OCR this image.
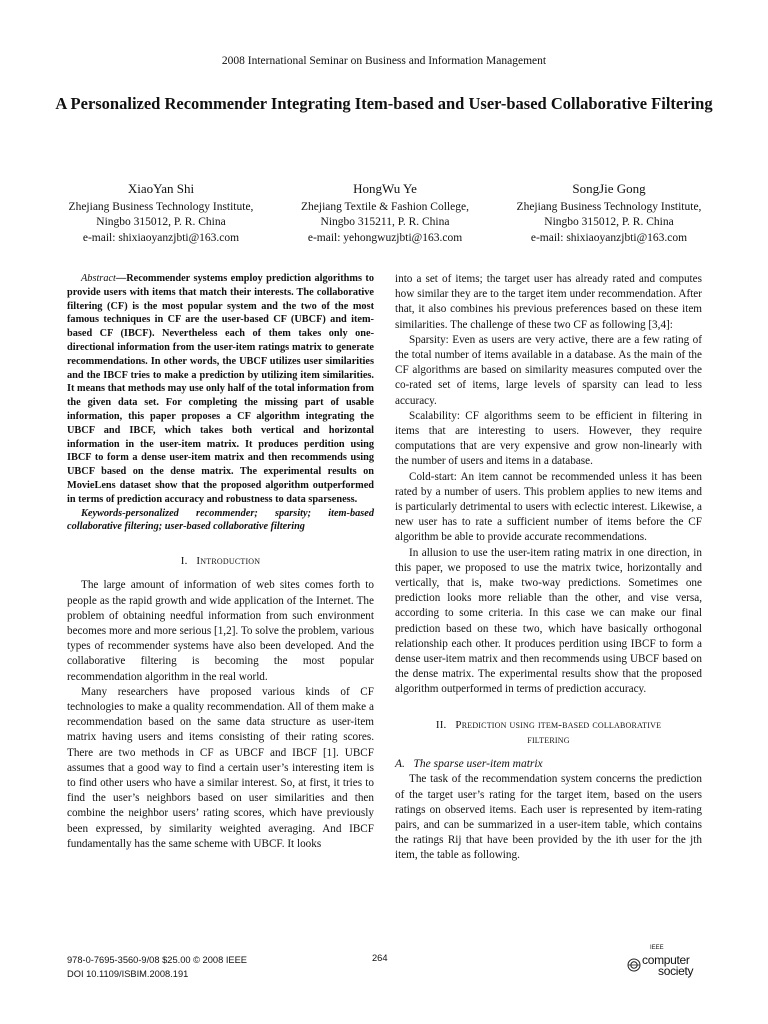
2008 International Seminar on Business and Information Management
A Personalized Recommender Integrating Item-based and User-based Collaborative Filtering
XiaoYan Shi
Zhejiang Business Technology Institute,
Ningbo 315012, P. R. China
e-mail: shixiaoyanzjbti@163.com
HongWu Ye
Zhejiang Textile & Fashion College,
Ningbo 315211, P. R. China
e-mail: yehongwuzjbti@163.com
SongJie Gong
Zhejiang Business Technology Institute,
Ningbo 315012, P. R. China
e-mail: shixiaoyanzjbti@163.com

Abstract—Recommender systems employ prediction algorithms to provide users with items that match their interests. The collaborative filtering (CF) is the most popular system and the two of the most famous techniques in CF are the user-based CF (UBCF) and item-based CF (IBCF). Nevertheless each of them takes only one-directional information from the user-item ratings matrix to generate recommendations. In other words, the UBCF utilizes user similarities and the IBCF tries to make a prediction by utilizing item similarities. It means that methods may use only half of the total information from the given data set. For completing the missing part of usable information, this paper proposes a CF algorithm integrating the UBCF and IBCF, which takes both vertical and horizontal information in the user-item matrix. It produces perdition using IBCF to form a dense user-item matrix and then recommends using UBCF based on the dense matrix. The experimental results on MovieLens dataset show that the proposed algorithm outperformed in terms of prediction accuracy and robustness to data sparseness.

Keywords-personalized recommender; sparsity; item-based collaborative filtering; user-based collaborative filtering

I. Introduction

The large amount of information of web sites comes forth to people as the rapid growth and wide application of the Internet. The problem of obtaining needful information from such environment becomes more and more serious [1,2]. To solve the problem, various types of recommender systems have also been developed. And the collaborative filtering is becoming the most popular recommendation algorithm in the real world.

Many researchers have proposed various kinds of CF technologies to make a quality recommendation. All of them make a recommendation based on the same data structure as user-item matrix having users and items consisting of their rating scores. There are two methods in CF as UBCF and IBCF [1]. UBCF assumes that a good way to find a certain user’s interesting item is to find other users who have a similar interest. So, at first, it tries to find the user’s neighbors based on user similarities and then combine the neighbor users’ rating scores, which have previously been expressed, by similarity weighted averaging. And IBCF fundamentally has the same scheme with UBCF. It looks

into a set of items; the target user has already rated and computes how similar they are to the target item under recommendation. After that, it also combines his previous preferences based on these item similarities. The challenge of these two CF as following [3,4]:

Sparsity: Even as users are very active, there are a few rating of the total number of items available in a database. As the main of the CF algorithms are based on similarity measures computed over the co-rated set of items, large levels of sparsity can lead to less accuracy.

Scalability: CF algorithms seem to be efficient in filtering in items that are interesting to users. However, they require computations that are very expensive and grow non-linearly with the number of users and items in a database.

Cold-start: An item cannot be recommended unless it has been rated by a number of users. This problem applies to new items and is particularly detrimental to users with eclectic interest. Likewise, a new user has to rate a sufficient number of items before the CF algorithm be able to provide accurate recommendations.

In allusion to use the user-item rating matrix in one direction, in this paper, we proposed to use the matrix twice, horizontally and vertically, that is, make two-way predictions. Sometimes one prediction looks more reliable than the other, and vise versa, according to some criteria. In this case we can make our final prediction based on these two, which have basically orthogonal relationship each other. It produces perdition using IBCF to form a dense user-item matrix and then recommends using UBCF based on the dense matrix. The experimental results show that the proposed algorithm outperformed in terms of prediction accuracy.

II. Prediction using item-based collaborative
filtering

A. The sparse user-item matrix

The task of the recommendation system concerns the prediction of the target user’s rating for the target item, based on the users ratings on observed items. Each user is represented by item-rating pairs, and can be summarized in a user-item table, which contains the ratings Rij that have been provided by the ith user for the jth item, the table as following.

978-0-7695-3560-9/08 $25.00 © 2008 IEEE
DOI 10.1109/ISBIM.2008.191
264
IEEE
computer
society
